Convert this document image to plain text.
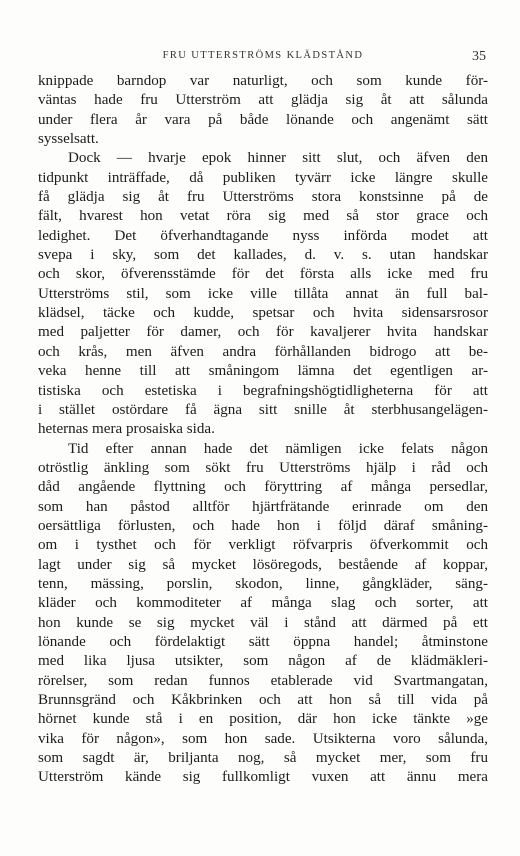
FRU UTTERSTRÖMS KLÄDSTÅND	35
knippade barndop var naturligt, och som kunde för-
väntas hade fru Utterström att glädja sig åt att sålunda
under flera år vara på både lönande och angenämt sätt
sysselsatt.
Dock — hvarje epok hinner sitt slut, och äfven den
tidpunkt inträffade, då publiken tyvärr icke längre skulle
få glädja sig åt fru Utterströms stora konstsinne på de
fält, hvarest hon vetat röra sig med så stor grace och
ledighet. Det öfverhandtagande nyss införda modet att
svepa i sky, som det kallades, d. v. s. utan handskar
och skor, öfverensstämde för det första alls icke med fru
Utterströms stil, som icke ville tillåta annat än full bal-
klädsel, täcke och kudde, spetsar och hvita sidensarsrosor
med paljetter för damer, och för kavaljerer hvita handskar
och krås, men äfven andra förhållanden bidrogo att be-
veka henne till att småningom lämna det egentligen ar-
tistiska och estetiska i begrafningshögtidligheterna för att
i stället ostördare få ägna sitt snille åt sterbhusangelägen-
heternas mera prosaiska sida.
Tid efter annan hade det nämligen icke felats någon
otröstlig änkling som sökt fru Utterströms hjälp i råd och
dåd angående flyttning och föryttring af många persedlar,
som han påstod alltför hjärtfrätande erinrade om den
oersättliga förlusten, och hade hon i följd däraf småning-
om i tysthet och för verkligt röfvarpris öfverkommit och
lagt under sig så mycket lösöregods, bestående af koppar,
tenn, mässing, porslin, skodon, linne, gångkläder, säng-
kläder och kommoditeter af många slag och sorter, att
hon kunde se sig mycket väl i stånd att därmed på ett
lönande och fördelaktigt sätt öppna handel; åtminstone
med lika ljusa utsikter, som någon af de klädmäkleri-
rörelser, som redan funnos etablerade vid Svartmangatan,
Brunnsgränd och Kåkbrinken och att hon så till vida på
hörnet kunde stå i en position, där hon icke tänkte »ge
vika för någon», som hon sade. Utsikterna voro sålunda,
som sagdt är, briljanta nog, så mycket mer, som fru
Utterström kände sig fullkomligt vuxen att ännu mera
